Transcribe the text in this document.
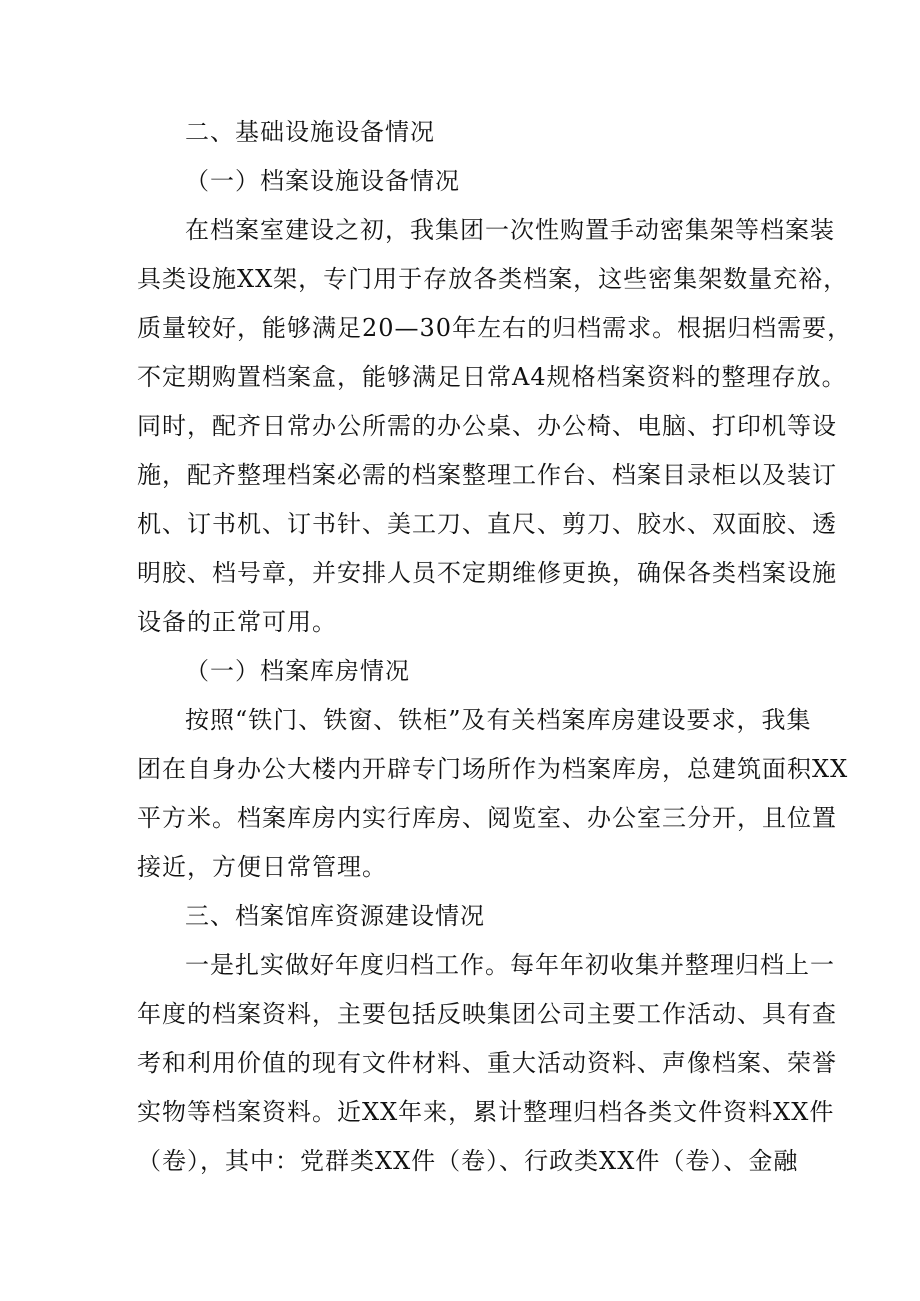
二、基础设施设备情况
（一）档案设施设备情况
在档案室建设之初，我集团一次性购置手动密集架等档案装
具类设施XX架，专门用于存放各类档案，这些密集架数量充裕，
质量较好，能够满足20—30年左右的归档需求。根据归档需要，
不定期购置档案盒，能够满足日常A4规格档案资料的整理存放。
同时，配齐日常办公所需的办公桌、办公椅、电脑、打印机等设
施，配齐整理档案必需的档案整理工作台、档案目录柜以及装订
机、订书机、订书针、美工刀、直尺、剪刀、胶水、双面胶、透
明胶、档号章，并安排人员不定期维修更换，确保各类档案设施
设备的正常可用。
（一）档案库房情况
按照“铁门、铁窗、铁柜”及有关档案库房建设要求，我集
团在自身办公大楼内开辟专门场所作为档案库房，总建筑面积XX
平方米。档案库房内实行库房、阅览室、办公室三分开，且位置
接近，方便日常管理。
三、档案馆库资源建设情况
一是扎实做好年度归档工作。每年年初收集并整理归档上一
年度的档案资料，主要包括反映集团公司主要工作活动、具有查
考和利用价值的现有文件材料、重大活动资料、声像档案、荣誉
实物等档案资料。近XX年来，累计整理归档各类文件资料XX件
（卷），其中：党群类XX件（卷）、行政类XX件（卷）、金融
